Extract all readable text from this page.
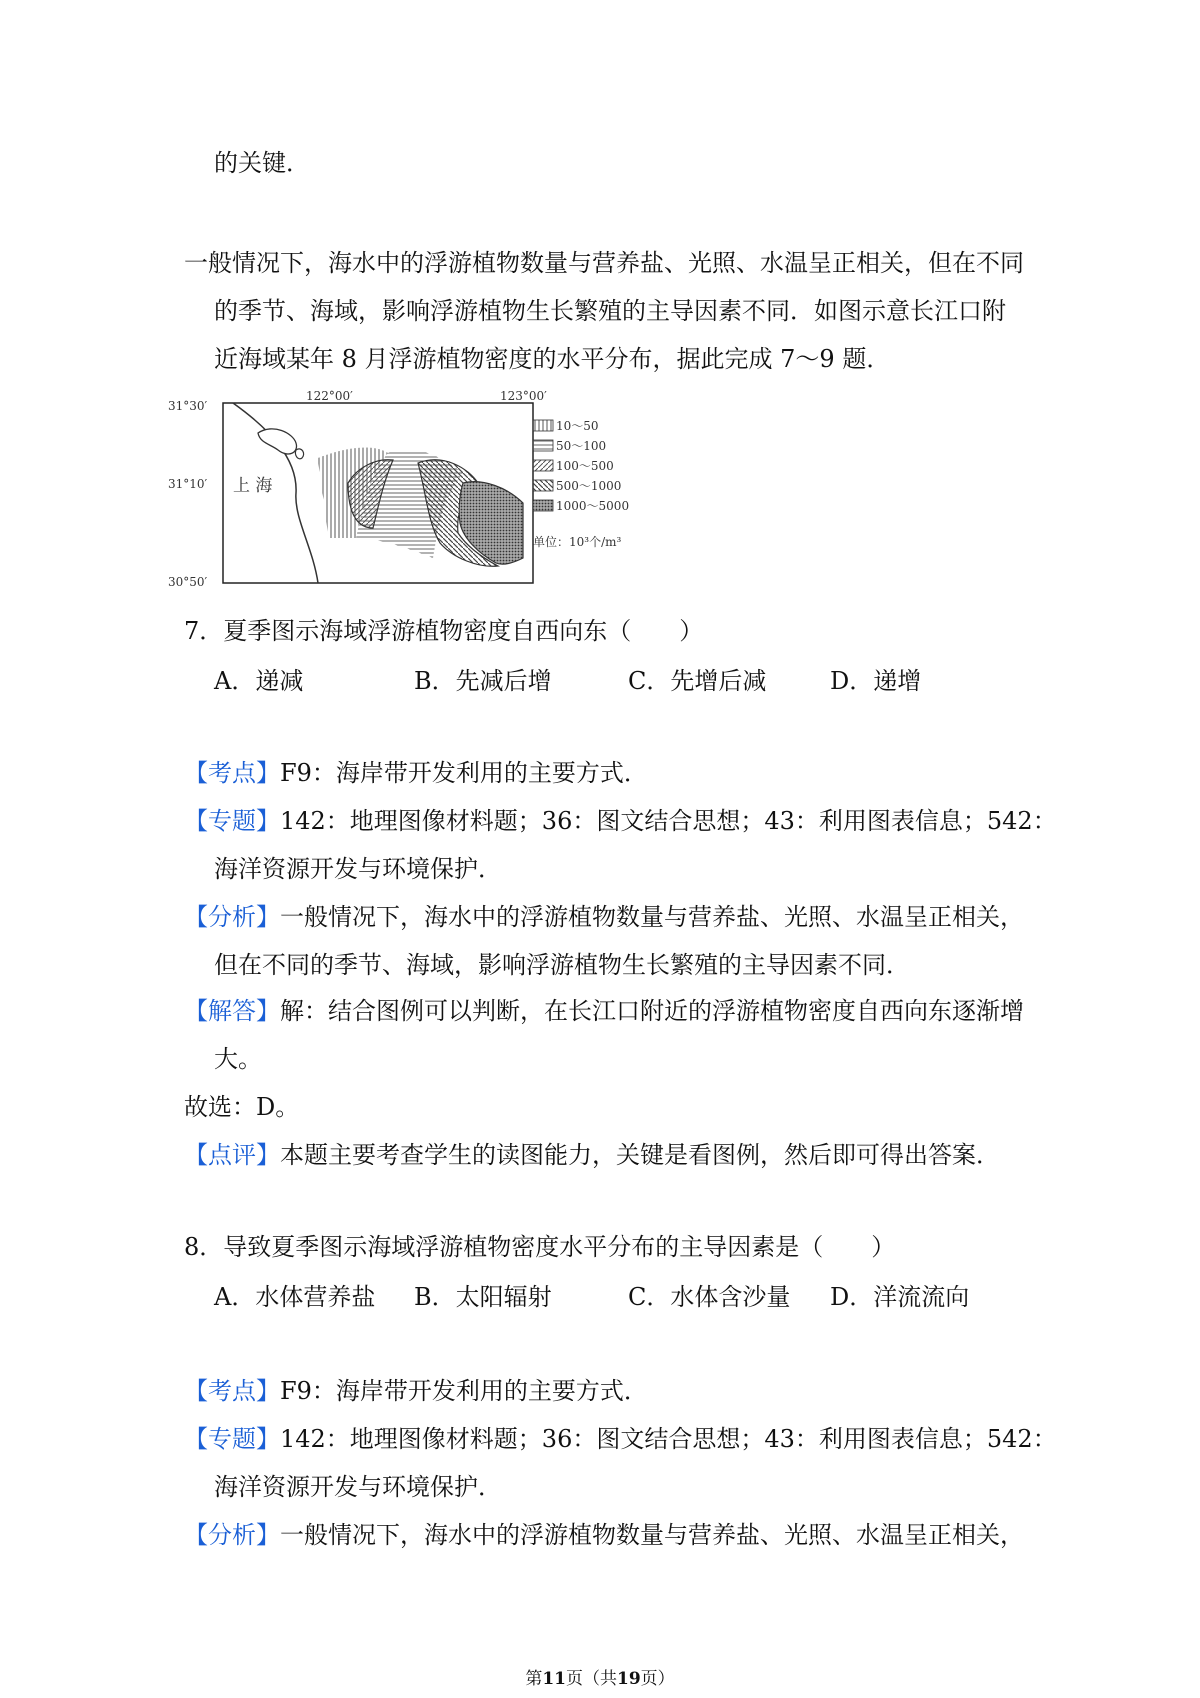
的关键．
一般情况下，海水中的浮游植物数量与营养盐、光照、水温呈正相关，但在不同
的季节、海域，影响浮游植物生长繁殖的主导因素不同．如图示意长江口附
近海域某年 8 月浮游植物密度的水平分布，据此完成 7～9 题．
122°00′	123°00′
31°30′
31°10′
30°50′
上 海
10～50
50～100
100～500
500～1000
1000～5000
单位：10³个/m³
7．夏季图示海域浮游植物密度自西向东（　　）
A．递减	B．先减后增	C．先增后减	D．递增
【考点】F9：海岸带开发利用的主要方式．
【专题】142：地理图像材料题；36：图文结合思想；43：利用图表信息；542：
海洋资源开发与环境保护．
【分析】一般情况下，海水中的浮游植物数量与营养盐、光照、水温呈正相关，
但在不同的季节、海域，影响浮游植物生长繁殖的主导因素不同．
【解答】解：结合图例可以判断，在长江口附近的浮游植物密度自西向东逐渐增
大。
故选：D。
【点评】本题主要考查学生的读图能力，关键是看图例，然后即可得出答案．
8．导致夏季图示海域浮游植物密度水平分布的主导因素是（　　）
A．水体营养盐 B．太阳辐射	C．水体含沙量 D．洋流流向
【考点】F9：海岸带开发利用的主要方式．
【专题】142：地理图像材料题；36：图文结合思想；43：利用图表信息；542：
海洋资源开发与环境保护．
【分析】一般情况下，海水中的浮游植物数量与营养盐、光照、水温呈正相关，
第11页（共19页）
